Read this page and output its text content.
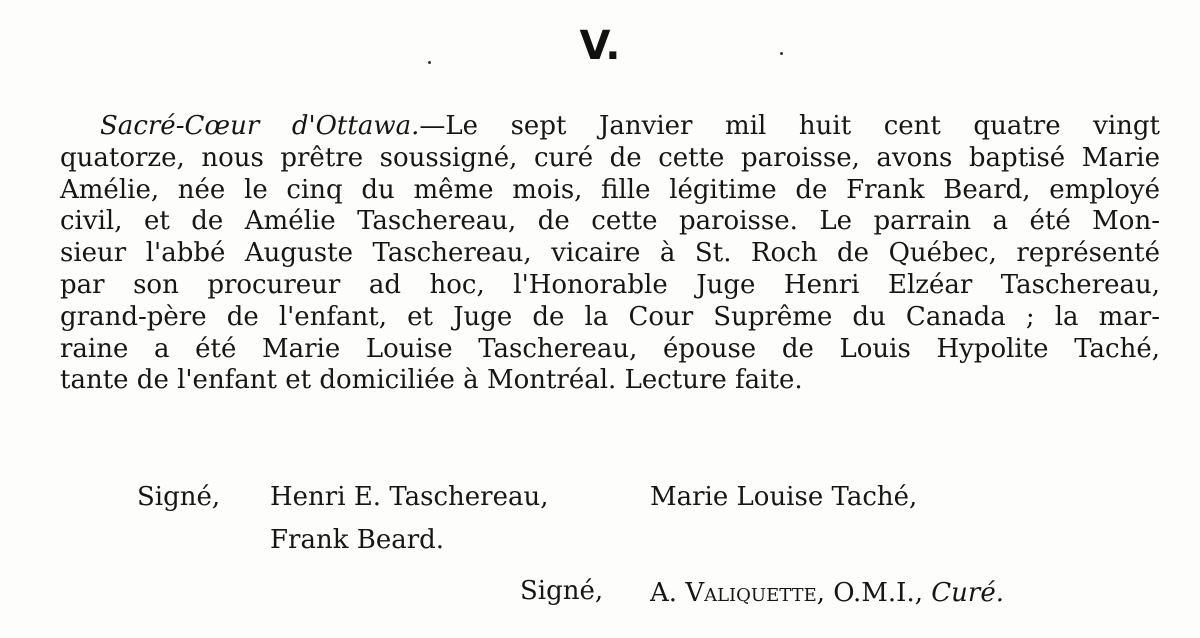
V.
Sacré-Cœur d'Ottawa.—Le sept Janvier mil huit cent quatre vingt
quatorze, nous prêtre soussigné, curé de cette paroisse, avons baptisé Marie
Amélie, née le cinq du même mois, fille légitime de Frank Beard, employé
civil, et de Amélie Taschereau, de cette paroisse. Le parrain a été Mon-
sieur l'abbé Auguste Taschereau, vicaire à St. Roch de Québec, représenté
par son procureur ad hoc, l'Honorable Juge Henri Elzéar Taschereau,
grand-père de l'enfant, et Juge de la Cour Suprême du Canada ; la mar-
raine a été Marie Louise Taschereau, épouse de Louis Hypolite Taché,
tante de l'enfant et domiciliée à Montréal. Lecture faite.
Signé, Henri E. Taschereau,	Marie Louise Taché,
Frank Beard.
Signé, A. Valiquette, O.M.I., Curé.
